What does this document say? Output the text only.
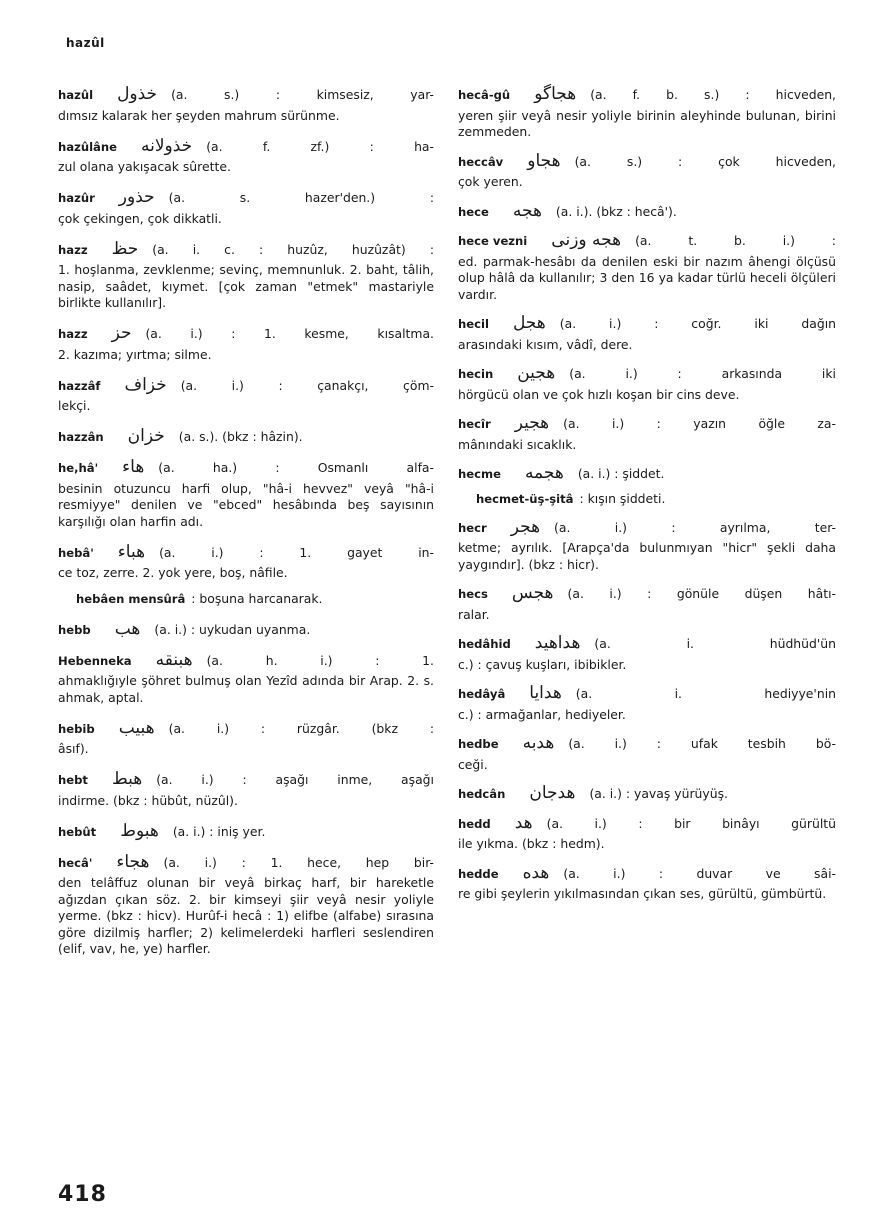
hazûl
hazûl خذول (a. s.) : kimsesiz, yar-
dımsız kalarak her şeyden mahrum sürünme.
hazûlâne خذولانه (a. f. zf.) : ha-
zul olana yakışacak sûrette.
hazûr حذور (a. s. hazer'den.) :
çok çekingen, çok dikkatli.
hazz حظ (a. i. c. : huzûz, huzûzât) :
1. hoşlanma, zevklenme; sevinç, memnunluk. 2. baht, tâlih, nasip, saâdet, kıymet. [çok zaman "etmek" mastariyle birlikte kullanılır].
hazz حز (a. i.) : 1. kesme, kısaltma.
2. kazıma; yırtma; silme.
hazzâf خزاف (a. i.) : çanakçı, çöm-
lekçi.
hazzân خزان (a. s.). (bkz : hâzin).
he,hâ' هاء (a. ha.) : Osmanlı alfa-
besinin otuzuncu harfi olup, "hâ-i hevvez" veyâ "hâ-i resmiyye" denilen ve "ebced" hesâbında beş sayısının karşılığı olan harfin adı.
hebâ' هباء (a. i.) : 1. gayet in-
ce toz, zerre. 2. yok yere, boş, nâfile.
hebâen mensûrâ : boşuna harcanarak.
hebb هب (a. i.) : uykudan uyanma.
Hebenneka هبنقه (a. h. i.) : 1.
ahmaklığıyle şöhret bulmuş olan Yezîd adında bir Arap. 2. s. ahmak, aptal.
hebib هبيب (a. i.) : rüzgâr. (bkz :
âsıf).
hebt هبط (a. i.) : aşağı inme, aşağı
indirme. (bkz : hübût, nüzûl).
hebût هبوط (a. i.) : iniş yer.
hecâ' هجاء (a. i.) : 1. hece, hep bir-
den telâffuz olunan bir veyâ birkaç harf, bir hareketle ağızdan çıkan söz. 2. bir kimseyi şiir veyâ nesir yoliyle yerme. (bkz : hicv). Hurûf-i hecâ : 1) elifbe (alfabe) sırasına göre dizilmiş harfler; 2) kelimelerdeki harfleri seslendiren (elif, vav, he, ye) harfler.
hecâ-gû هجاگو (a. f. b. s.) : hicveden,
yeren şiir veyâ nesir yoliyle birinin aleyhinde bulunan, birini zemmeden.
heccâv هجاو (a. s.) : çok hicveden,
çok yeren.
hece هجه (a. i.). (bkz : hecâ').
hece vezni هجه وزنی (a. t. b. i.) :
ed. parmak-hesâbı da denilen eski bir nazım âhengi ölçüsü olup hâlâ da kullanılır; 3 den 16 ya kadar türlü heceli ölçüleri vardır.
hecil هجل (a. i.) : coğr. iki dağın
arasındaki kısım, vâdî, dere.
hecin هجين (a. i.) : arkasında iki
hörgücü olan ve çok hızlı koşan bir cins deve.
hecîr هجير (a. i.) : yazın öğle za-
mânındaki sıcaklık.
hecme هجمه (a. i.) : şiddet.
hecmet-üş-şitâ : kışın şiddeti.
hecr هجر (a. i.) : ayrılma, ter-
ketme; ayrılık. [Arapça'da bulunmıyan "hicr" şekli daha yaygındır]. (bkz : hicr).
hecs هجس (a. i.) : gönüle düşen hâtı-
ralar.
hedâhid هداهيد (a. i. hüdhüd'ün
c.) : çavuş kuşları, ibibikler.
hedâyâ هدايا (a. i. hediyye'nin
c.) : armağanlar, hediyeler.
hedbe هدبه (a. i.) : ufak tesbih bö-
ceği.
hedcân هدجان (a. i.) : yavaş yürüyüş.
hedd هد (a. i.) : bir binâyı gürültü
ile yıkma. (bkz : hedm).
hedde هده (a. i.) : duvar ve sâi-
re gibi şeylerin yıkılmasından çıkan ses, gürültü, gümbürtü.
418
